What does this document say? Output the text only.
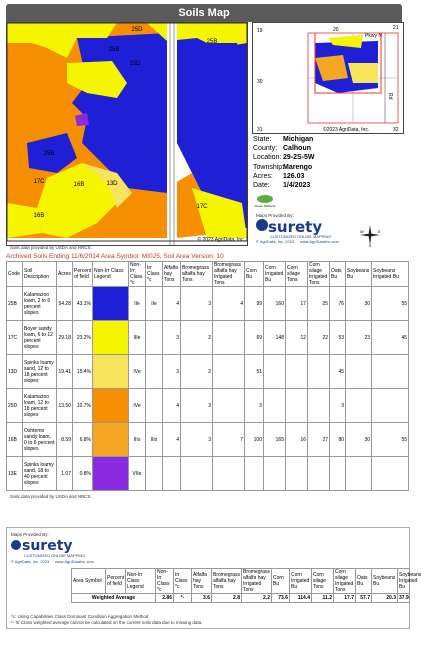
Soils Map
25D
25B
25D
25B
17C	16B	13D
16B
25B
17C
© 2023 AgriData, Inc.
Soils data provided by USDA and NRCS.
19	20	21
30
31	32
Pkwy N
Rd
©2023 AgriData, Inc.
State:	Michigan
County: Calhoun
Location: 29-2S-5W
Township:
Marengo
Acres:	126.03
Date:	1/4/2023
Green Partners
Maps Provided By:
surety
CUSTOMIZED ONLINE MAPPING
© AgriData, Inc. 2023 www.AgriDataInc.com
N
W	E
S
Archived Soils Ending 11/6/2014 Area Symbol: MI025, Soil Area Version: 10
Code	Soil Description	Acres	Percent of field	Non-Irr Class Legend	Non-Irr Class *c	Irr Class *c	Alfalfa hay Tons	Bromegrass alfalfa hay Tons	Bromegrass alfalfa hay Irrigated Tons	Corn Bu	Corn Irrigated Bu	Corn silage Tons	Corn silage Irrigated Tons	Oats Bu	Soybeans Bu	Soybeans Irrigated Bu
25B	Kalamazoo loam, 2 to 6 percent slopes	54.28	43.1%		IIe	IIe	4	3	4	99	160	17	25	76	30	55
17C	Boyer sandy loam, 6 to 12 percent slopes	29.18	23.2%		IIIe		3	2		69	148	12	22	53	23	45
13D	Spinks loamy sand, 12 to 18 percent slopes	19.41	15.4%		IVe		3	2		51				45		
25D	Kalamazoo loam, 12 to 18 percent slopes	13.50	10.7%		IVe		4	3		3				3		
16B	Oshtemo sandy loam, 0 to 6 percent slopes	8.59	6.8%		IIIs	IIIs	4	3	7	100	165	16	27	80	30	55
13E	Spinks loamy sand, 18 to 40 percent slopes	1.07	0.8%		VIIe											
Soils data provided by USDA and NRCS.
Maps Provided By:
surety
CUSTOMIZED ONLINE MAPPING
© AgriData, Inc. 2023 www.AgriDataInc.com
Area Symbol	Percent of field	Non-Irr Class Legend	Non-Irr Class *c	Irr Class *c	Alfalfa hay Tons	Bromegrass alfalfa hay Tons	Bromegrass alfalfa hay Irrigated Tons	Corn Bu	Corn Irrigated Bu	Corn silage Tons	Corn silage Irrigated Tons	Oats Bu	Soybeans Bu	Soybeans Irrigated Bu
Weighted Average			2.86	*-	3.6	2.8	2.2	73.6	114.4	11.2	17.7	57.7	20.3	37.9
*c: Using Capabilities Class Dominant Condition Aggregation Method
*- Irr Class weighted average cannot be calculated on the current soils data due to missing data.
